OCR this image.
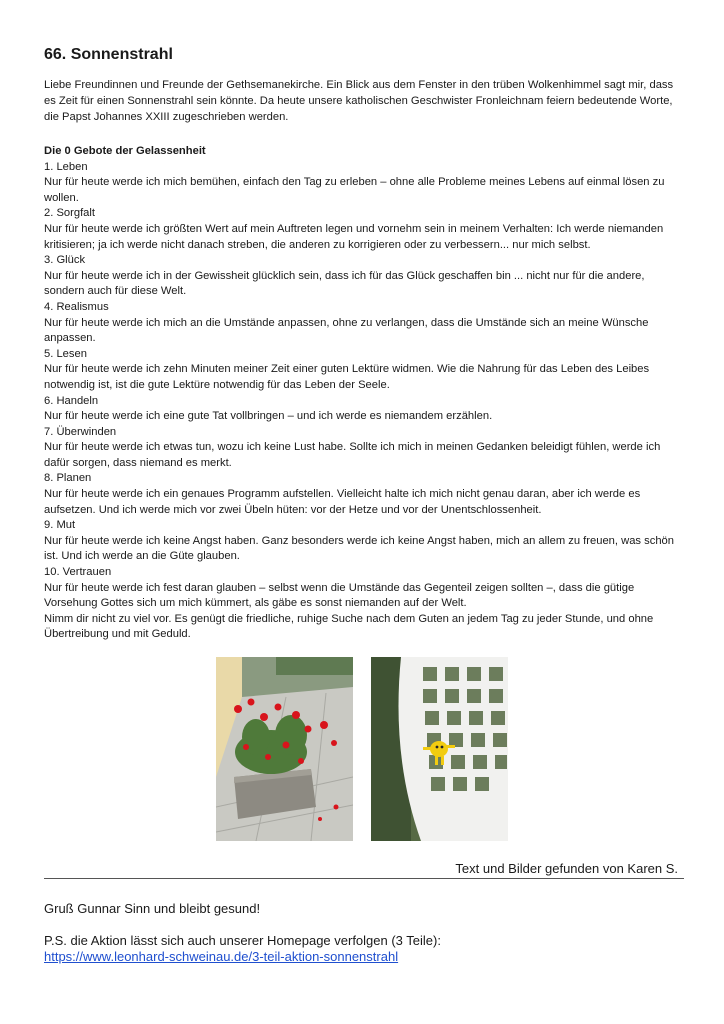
66. Sonnenstrahl

Liebe Freundinnen und Freunde der Gethsemanekirche. Ein Blick aus dem Fenster in den trüben Wolkenhimmel sagt mir, dass es Zeit für einen Sonnenstrahl sein könnte. Da heute unsere katholischen Geschwister Fronleichnam feiern bedeutende Worte, die Papst Johannes XXIII zugeschrieben werden.

Die 0 Gebote der Gelassenheit

1. Leben

Nur für heute werde ich mich bemühen, einfach den Tag zu erleben – ohne alle Probleme meines Lebens auf einmal lösen zu wollen.

2. Sorgfalt

Nur für heute werde ich größten Wert auf mein Auftreten legen und vornehm sein in meinem Verhalten: Ich werde niemanden kritisieren; ja ich werde nicht danach streben, die anderen zu korrigieren oder zu verbessern... nur mich selbst.

3. Glück

Nur für heute werde ich in der Gewissheit glücklich sein, dass ich für das Glück geschaffen bin ... nicht nur für die andere, sondern auch für diese Welt.

4. Realismus

Nur für heute werde ich mich an die Umstände anpassen, ohne zu verlangen, dass die Umstände sich an meine Wünsche anpassen.

5. Lesen

Nur für heute werde ich zehn Minuten meiner Zeit einer guten Lektüre widmen. Wie die Nahrung für das Leben des Leibes notwendig ist, ist die gute Lektüre notwendig für das Leben der Seele.

6. Handeln

Nur für heute werde ich eine gute Tat vollbringen – und ich werde es niemandem erzählen.

7. Überwinden

Nur für heute werde ich etwas tun, wozu ich keine Lust habe. Sollte ich mich in meinen Gedanken beleidigt fühlen, werde ich dafür sorgen, dass niemand es merkt.

8. Planen

Nur für heute werde ich ein genaues Programm aufstellen. Vielleicht halte ich mich nicht genau daran, aber ich werde es aufsetzen. Und ich werde mich vor zwei Übeln hüten: vor der Hetze und vor der Unentschlossenheit.

9. Mut

Nur für heute werde ich keine Angst haben. Ganz besonders werde ich keine Angst haben, mich an allem zu freuen, was schön ist. Und ich werde an die Güte glauben.

10. Vertrauen

Nur für heute werde ich fest daran glauben – selbst wenn die Umstände das Gegenteil zeigen sollten –, dass die gütige Vorsehung Gottes sich um mich kümmert, als gäbe es sonst niemanden auf der Welt.

Nimm dir nicht zu viel vor. Es genügt die friedliche, ruhige Suche nach dem Guten an jedem Tag zu jeder Stunde, und ohne Übertreibung und mit Geduld.

Text und Bilder gefunden von Karen S.
Gruß Gunnar Sinn und bleibt gesund!

P.S. die Aktion lässt sich auch unserer Homepage verfolgen (3 Teile):

https://www.leonhard-schweinau.de/3-teil-aktion-sonnenstrahl
